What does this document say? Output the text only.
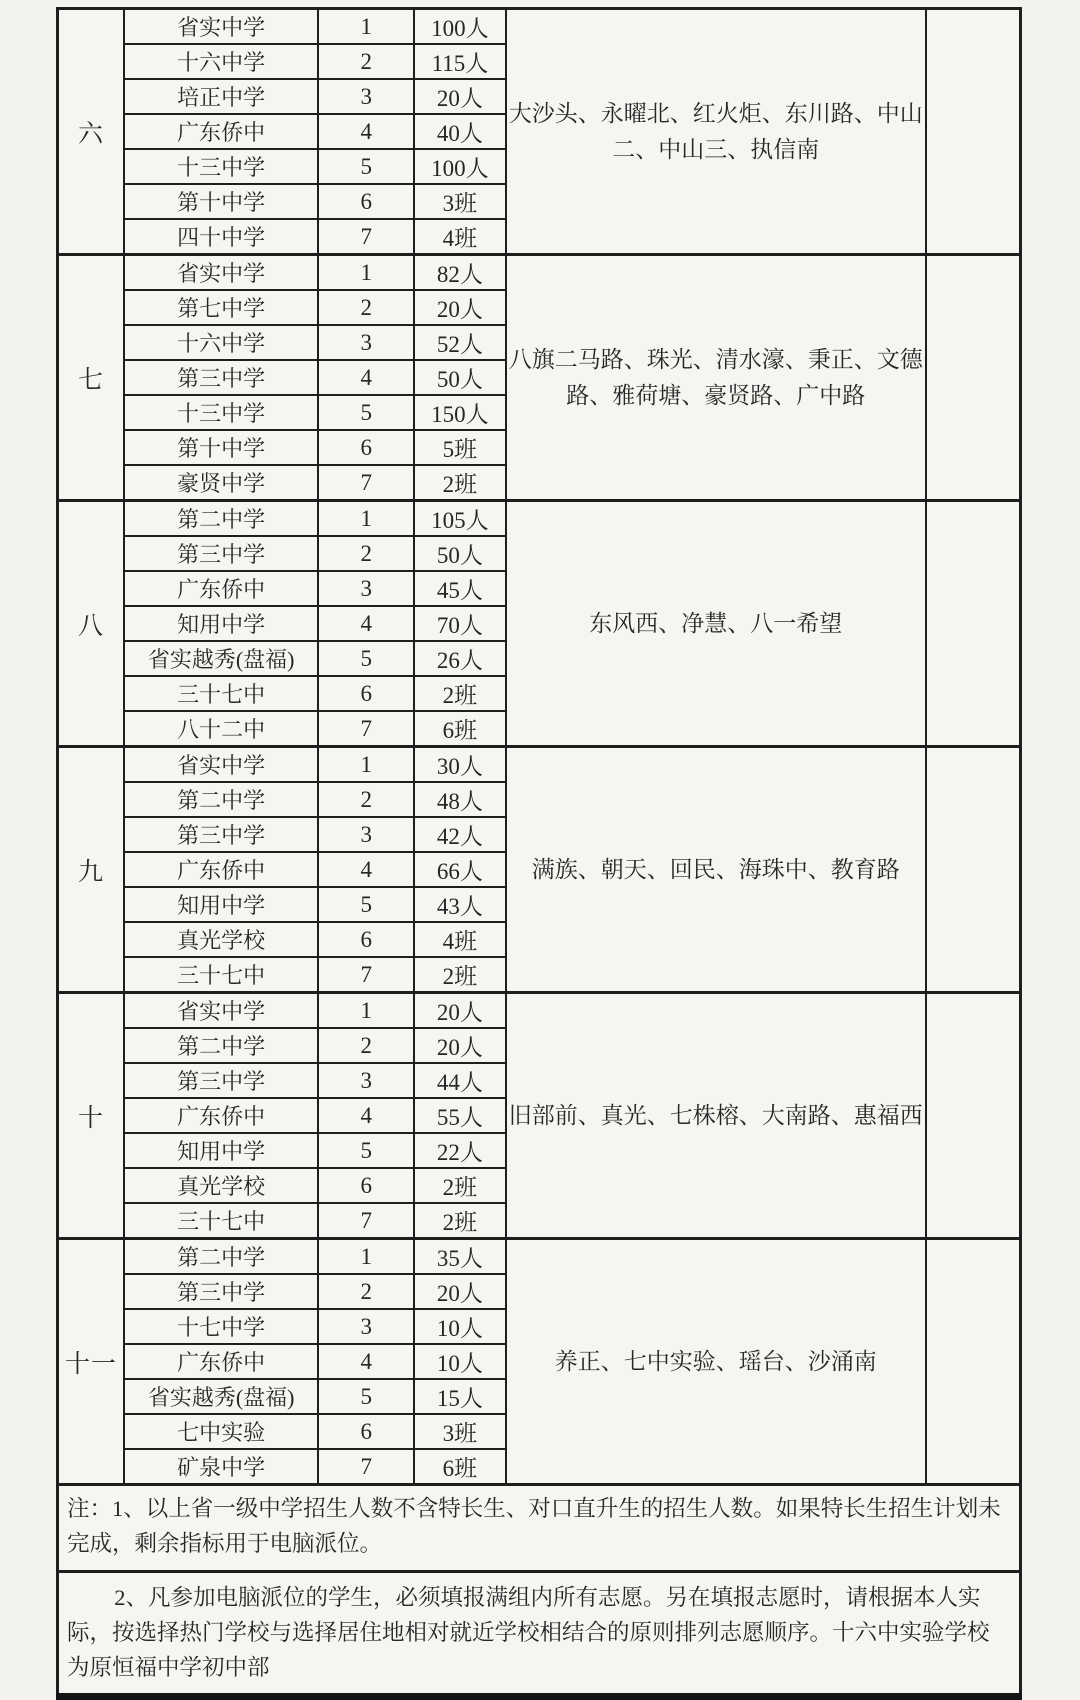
六	省实中学	1	100人	大沙头、永曜北、红火炬、东川路、中山二、中山三、执信南	
	十六中学	2	115人		
	培正中学	3	20人		
	广东侨中	4	40人		
	十三中学	5	100人		
	第十中学	6	3班		
	四十中学	7	4班		
七	省实中学	1	82人	八旗二马路、珠光、清水濠、秉正、文德路、雅荷塘、豪贤路、广中路	
	第七中学	2	20人		
	十六中学	3	52人		
	第三中学	4	50人		
	十三中学	5	150人		
	第十中学	6	5班		
	豪贤中学	7	2班		
八	第二中学	1	105人	东风西、净慧、八一希望	
	第三中学	2	50人		
	广东侨中	3	45人		
	知用中学	4	70人		
	省实越秀(盘福)	5	26人		
	三十七中	6	2班		
	八十二中	7	6班		
九	省实中学	1	30人	满族、朝天、回民、海珠中、教育路	
	第二中学	2	48人		
	第三中学	3	42人		
	广东侨中	4	66人		
	知用中学	5	43人		
	真光学校	6	4班		
	三十七中	7	2班		
十	省实中学	1	20人	旧部前、真光、七株榕、大南路、惠福西	
	第二中学	2	20人		
	第三中学	3	44人		
	广东侨中	4	55人		
	知用中学	5	22人		
	真光学校	6	2班		
	三十七中	7	2班		
十一	第二中学	1	35人	养正、七中实验、瑶台、沙涌南	
	第三中学	2	20人		
	十七中学	3	10人		
	广东侨中	4	10人		
	省实越秀(盘福)	5	15人		
	七中实验	6	3班		
	矿泉中学	7	6班		

注：1、以上省一级中学招生人数不含特长生、对口直升生的招生人数。如果特长生招生计划未完成，剩余指标用于电脑派位。					

2、凡参加电脑派位的学生，必须填报满组内所有志愿。另在填报志愿时，请根据本人实际，按选择热门学校与选择居住地相对就近学校相结合的原则排列志愿顺序。十六中实验学校为原恒福中学初中部					
